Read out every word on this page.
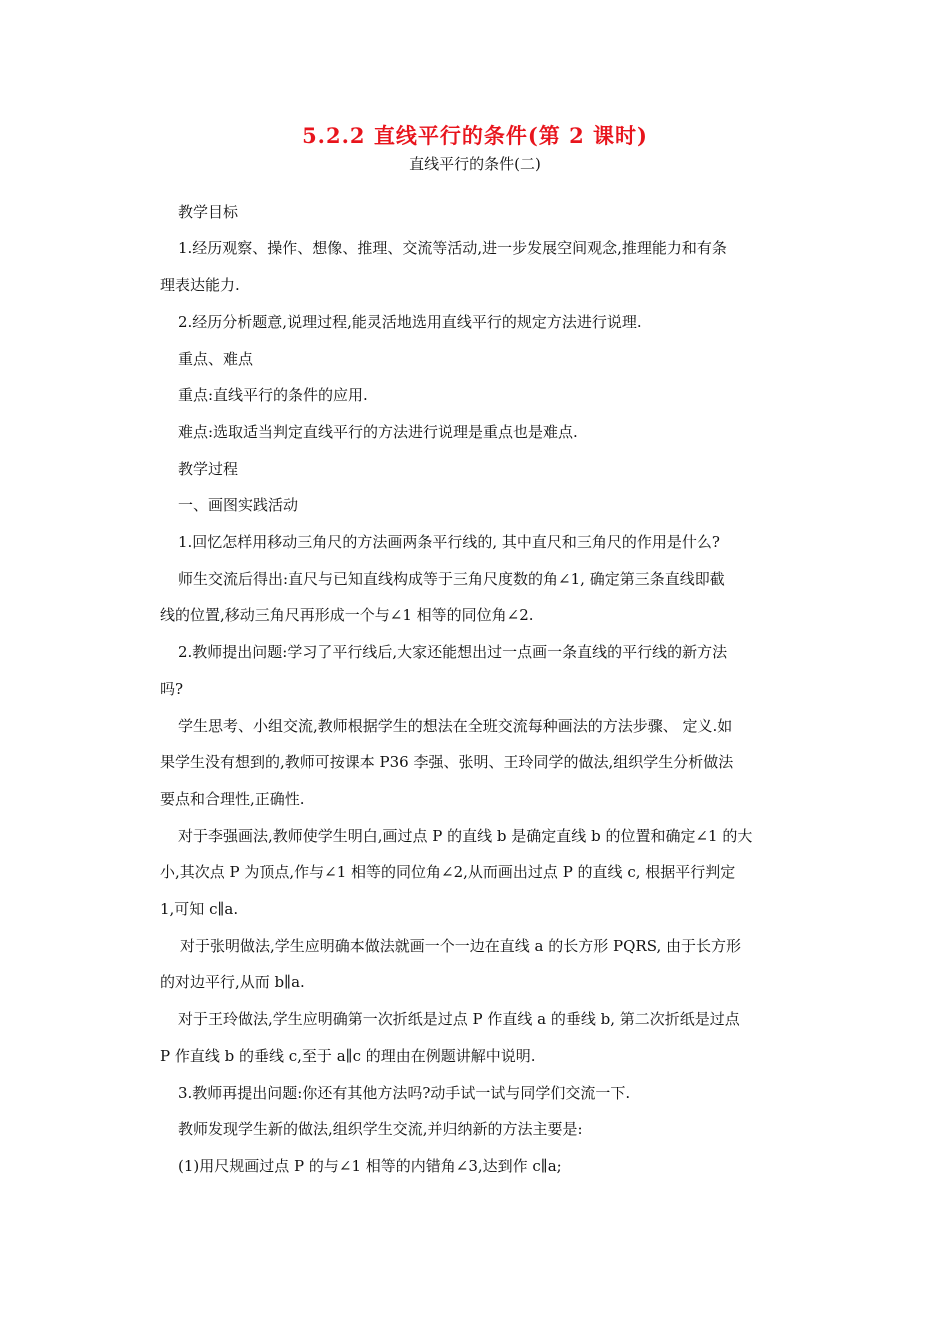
5.2.2 直线平行的条件(第 2 课时)
直线平行的条件(二)
教学目标
1.经历观察、操作、想像、推理、交流等活动,进一步发展空间观念,推理能力和有条
理表达能力.
2.经历分析题意,说理过程,能灵活地选用直线平行的规定方法进行说理.
重点、难点
重点:直线平行的条件的应用.
难点:选取适当判定直线平行的方法进行说理是重点也是难点.
教学过程
一、画图实践活动
1.回忆怎样用移动三角尺的方法画两条平行线的, 其中直尺和三角尺的作用是什么?
师生交流后得出:直尺与已知直线构成等于三角尺度数的角∠1, 确定第三条直线即截
线的位置,移动三角尺再形成一个与∠1 相等的同位角∠2.
2.教师提出问题:学习了平行线后,大家还能想出过一点画一条直线的平行线的新方法
吗?
学生思考、小组交流,教师根据学生的想法在全班交流每种画法的方法步骤、 定义.如
果学生没有想到的,教师可按课本 P36 李强、张明、王玲同学的做法,组织学生分析做法
要点和合理性,正确性.
对于李强画法,教师使学生明白,画过点 P 的直线 b 是确定直线 b 的位置和确定∠1 的大
小,其次点 P 为顶点,作与∠1 相等的同位角∠2,从而画出过点 P 的直线 c, 根据平行判定
1,可知 c∥a.
对于张明做法,学生应明确本做法就画一个一边在直线 a 的长方形 PQRS, 由于长方形
的对边平行,从而 b∥a.
对于王玲做法,学生应明确第一次折纸是过点 P 作直线 a 的垂线 b, 第二次折纸是过点
P 作直线 b 的垂线 c,至于 a∥c 的理由在例题讲解中说明.
3.教师再提出问题:你还有其他方法吗?动手试一试与同学们交流一下.
教师发现学生新的做法,组织学生交流,并归纳新的方法主要是:
(1)用尺规画过点 P 的与∠1 相等的内错角∠3,达到作 c∥a;
